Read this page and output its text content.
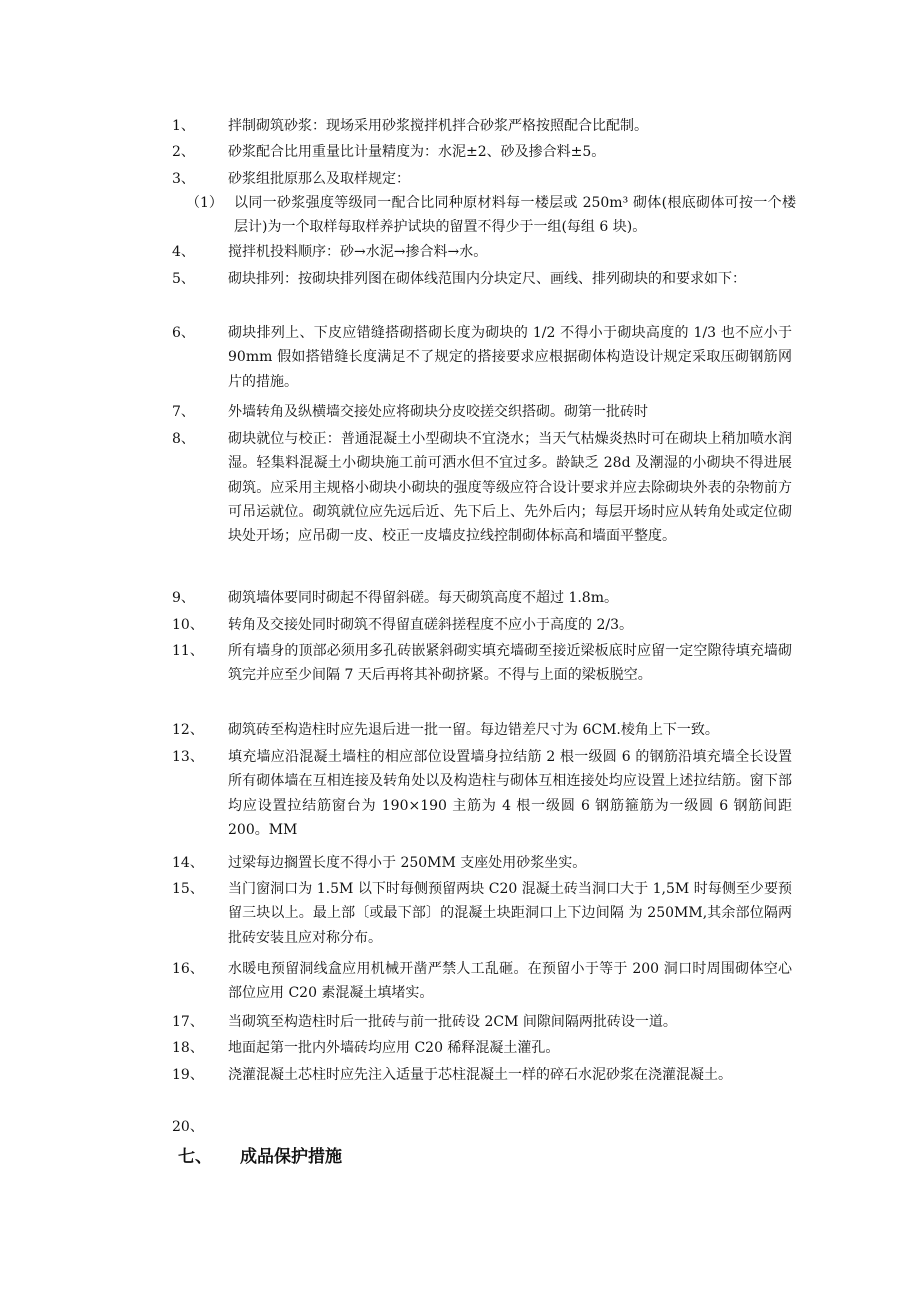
1、 拌制砌筑砂浆：现场采用砂浆搅拌机拌合砂浆严格按照配合比配制。
2、 砂浆配合比用重量比计量精度为：水泥±2、砂及掺合料±5。
3、 砂浆组批原那么及取样规定：
（1） 以同一砂浆强度等级同一配合比同种原材料每一楼层或 250m³ 砌体(根底砌体可按一个楼层计)为一个取样每取样养护试块的留置不得少于一组(每组 6 块)。
4、 搅拌机投料顺序：砂→水泥→掺合料→水。
5、 砌块排列：按砌块排列图在砌体线范围内分块定尺、画线、排列砌块的和要求如下：
6、 砌块排列上、下皮应错缝搭砌搭砌长度为砌块的 1/2 不得小于砌块高度的 1/3 也不应小于 90mm 假如搭错缝长度满足不了规定的搭接要求应根据砌体构造设计规定采取压砌钢筋网片的措施。
7、 外墙转角及纵横墙交接处应将砌块分皮咬搓交织搭砌。砌第一批砖时
8、 砌块就位与校正：普通混凝土小型砌块不宜浇水；当天气枯燥炎热时可在砌块上稍加喷水润湿。轻集料混凝土小砌块施工前可洒水但不宜过多。龄缺乏 28d 及潮湿的小砌块不得进展砌筑。应采用主规格小砌块小砌块的强度等级应符合设计要求并应去除砌块外表的杂物前方可吊运就位。砌筑就位应先远后近、先下后上、先外后内；每层开场时应从转角处或定位砌块处开场；应吊砌一皮、校正一皮墙皮拉线控制砌体标高和墙面平整度。
9、 砌筑墙体要同时砌起不得留斜磋。每天砌筑高度不超过 1.8m。
10、 转角及交接处同时砌筑不得留直磋斜搓程度不应小于高度的 2/3。
11、 所有墙身的顶部必须用多孔砖嵌紧斜砌实填充墙砌至接近梁板底时应留一定空隙待填充墙砌筑完并应至少间隔 7 天后再将其补砌挤紧。不得与上面的梁板脱空。
12、 砌筑砖至构造柱时应先退后进一批一留。每边错差尺寸为 6CM.棱角上下一致。
13、 填充墙应沿混凝土墙柱的相应部位设置墙身拉结筋 2 根一级圆 6 的钢筋沿填充墙全长设置所有砌体墙在互相连接及转角处以及构造柱与砌体互相连接处均应设置上述拉结筋。窗下部均应设置拉结筋窗台为 190×190 主筋为 4 根一级圆 6 钢筋箍筋为一级圆 6 钢筋间距 200。MM
14、 过梁每边搁置长度不得小于 250MM 支座处用砂浆坐实。
15、 当门窗洞口为 1.5M 以下时每侧预留两块 C20 混凝土砖当洞口大于 1,5M 时每侧至少要预留三块以上。最上部〔或最下部〕的混凝土块距洞口上下边间隔 为 250MM,其余部位隔两批砖安装且应对称分布。
16、 水暖电预留洞线盒应用机械开凿严禁人工乱砸。在预留小于等于 200 洞口时周围砌体空心部位应用 C20 素混凝土填堵实。
17、 当砌筑至构造柱时后一批砖与前一批砖设 2CM 间隙间隔两批砖设一道。
18、 地面起第一批内外墙砖均应用 C20 稀释混凝土灌孔。
19、 浇灌混凝土芯柱时应先注入适量于芯柱混凝土一样的碎石水泥砂浆在浇灌混凝土。
20、
七、 成品保护措施
